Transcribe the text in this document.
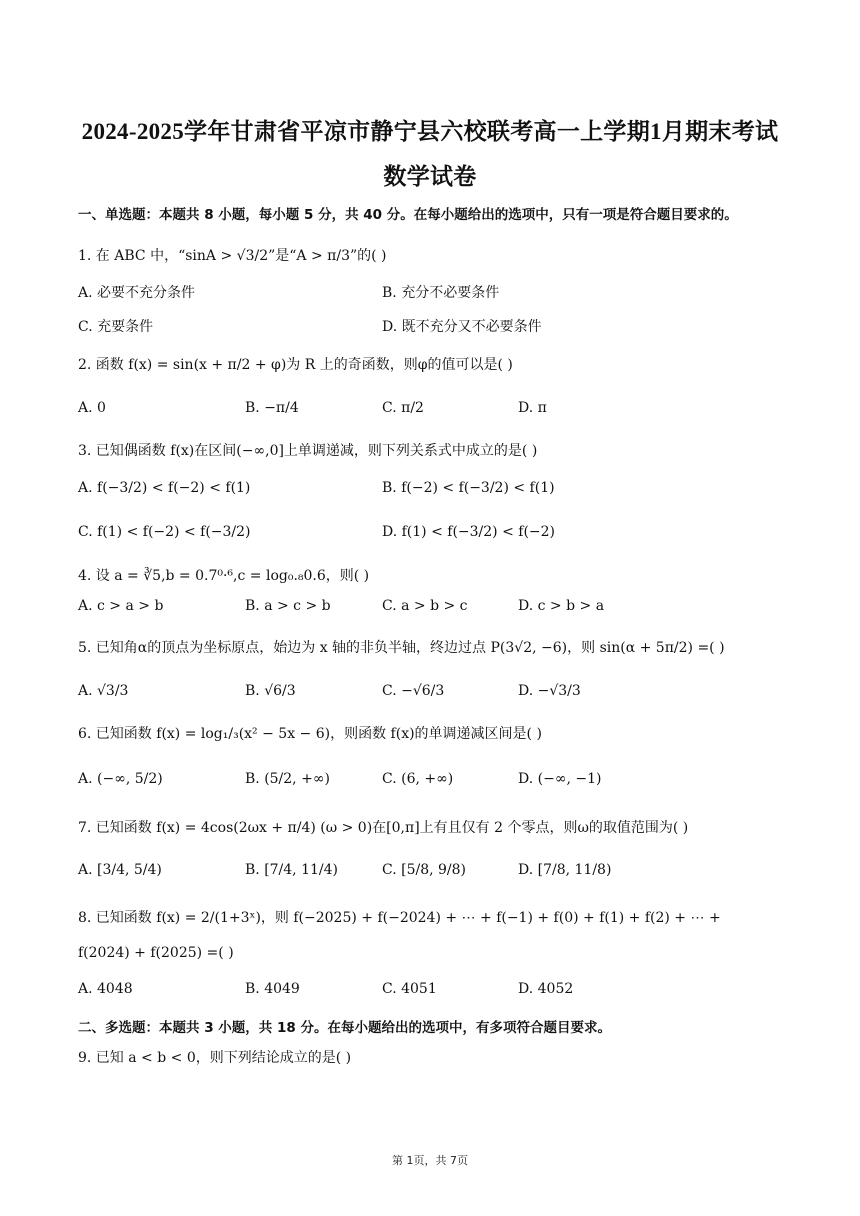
2024-2025学年甘肃省平凉市静宁县六校联考高一上学期1月期末考试
数学试卷
一、单选题：本题共 8 小题，每小题 5 分，共 40 分。在每小题给出的选项中，只有一项是符合题目要求的。
1. 在 ABC 中，“sinA > √3/2”是“A > π/3”的( )
A. 必要不充分条件	B. 充分不必要条件
C. 充要条件	D. 既不充分又不必要条件
2. 函数 f(x) = sin(x + π/2 + φ)为 R 上的奇函数，则φ的值可以是( )
A. 0	B. −π/4	C. π/2	D. π
3. 已知偶函数 f(x)在区间(−∞,0]上单调递减，则下列关系式中成立的是( )
A. f(−3/2) < f(−2) < f(1)	B. f(−2) < f(−3/2) < f(1)
C. f(1) < f(−2) < f(−3/2)	D. f(1) < f(−3/2) < f(−2)
4. 设 a = ∛5,b = 0.7⁰·⁶,c = log₀.₈0.6，则( )
A. c > a > b	B. a > c > b	C. a > b > c	D. c > b > a
5. 已知角α的顶点为坐标原点，始边为 x 轴的非负半轴，终边过点 P(3√2, −6)，则 sin(α + 5π/2) =( )
A. √3/3	B. √6/3	C. −√6/3	D. −√3/3
6. 已知函数 f(x) = log₁/₃(x² − 5x − 6)，则函数 f(x)的单调递减区间是( )
A. (−∞, 5/2)	B. (5/2, +∞)	C. (6, +∞)	D. (−∞, −1)
7. 已知函数 f(x) = 4cos(2ωx + π/4) (ω > 0)在[0,π]上有且仅有 2 个零点，则ω的取值范围为( )
A. [3/4, 5/4)	B. [7/4, 11/4)	C. [5/8, 9/8)	D. [7/8, 11/8)
8. 已知函数 f(x) = 2/(1+3ˣ)，则 f(−2025) + f(−2024) + ⋯ + f(−1) + f(0) + f(1) + f(2) + ⋯ +
f(2024) + f(2025) =( )
A. 4048	B. 4049	C. 4051	D. 4052
二、多选题：本题共 3 小题，共 18 分。在每小题给出的选项中，有多项符合题目要求。
9. 已知 a < b < 0，则下列结论成立的是( )
第 1页，共 7页
